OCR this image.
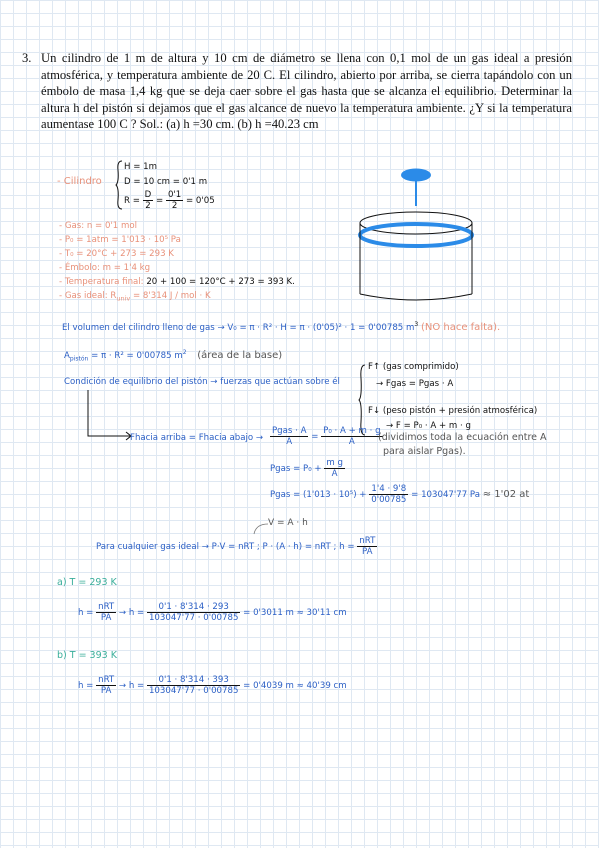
3. Un cilindro de 1 m de altura y 10 cm de diámetro se llena con 0,1 mol de un gas ideal a presión atmosférica, y temperatura ambiente de 20 C. El cilindro, abierto por arriba, se cierra tapándolo con un émbolo de masa 1,4 kg que se deja caer sobre el gas hasta que se alcanza el equilibrio. Determinar la altura h del pistón si dejamos que el gas alcance de nuevo la temperatura ambiente. ¿Y si la temperatura aumentase 100 C ? Sol.: (a) h =30 cm. (b) h =40.23 cm
- Cilindro
H = 1m
D = 10 cm = 0'1 m
$R = \frac{D}{2} = \frac{0'1}{2} = 0'05$
- Gas: n = 0'1 mol
- P₀ = 1atm = 1'013 · 10⁵ Pa
- T₀ = 20°C + 273 = 293 K
- Émbolo: m = 1'4 kg
- Temperatura final: 20 + 100 = 120°C + 273 = 393 K.
- Gas ideal: $R_{univ} = 8'314$ J / mol · K
El volumen del cilindro lleno de gas → V₀ = π · R² · H = π · (0'05)² · 1 = 0'00785 $m^3$ (NO hace falta).
$A_{pistón} = \pi \cdot R^2 = 0'00785$ $m^2$ (área de la base)
Condición de equilibrio del pistón → fuerzas que actúan sobre él
F↑ (gas comprimido)
→ Fgas = Pgas · A
F↓ (peso pistón + presión atmosférica)
→ F = P₀ · A + m · g
Fhacia arriba = Fhacia abajo →
Pgas · A
A	= $\frac{\text{P₀ · A + m · g}}{A}$
(dividimos toda la ecuación entre A
para aislar Pgas).
Pgas = $P_0 + \frac{\text{m g}}{A}$
Pgas = $(1'013 \cdot 10^5) + \frac{1'4 \cdot 9'8}{0'00785} = 103047'77$ Pa ≈ 1'02 at
V = A · h
Para cualquier gas ideal → P·V = nRT ; P · (A · h) = nRT ; h =
nRT
PA
a) T = 293 K
h =
nRT
PA → $h = \frac{0'1 \cdot 8'314 \cdot 293}{103047'77 \cdot 0'00785} = 0'3011$ m ≈ 30'11 cm
b) T = 393 K
h =
nRT
PA → $h = \frac{0'1 \cdot 8'314 \cdot 393}{103047'77 \cdot 0'00785} = 0'4039$ m ≈ 40'39 cm
